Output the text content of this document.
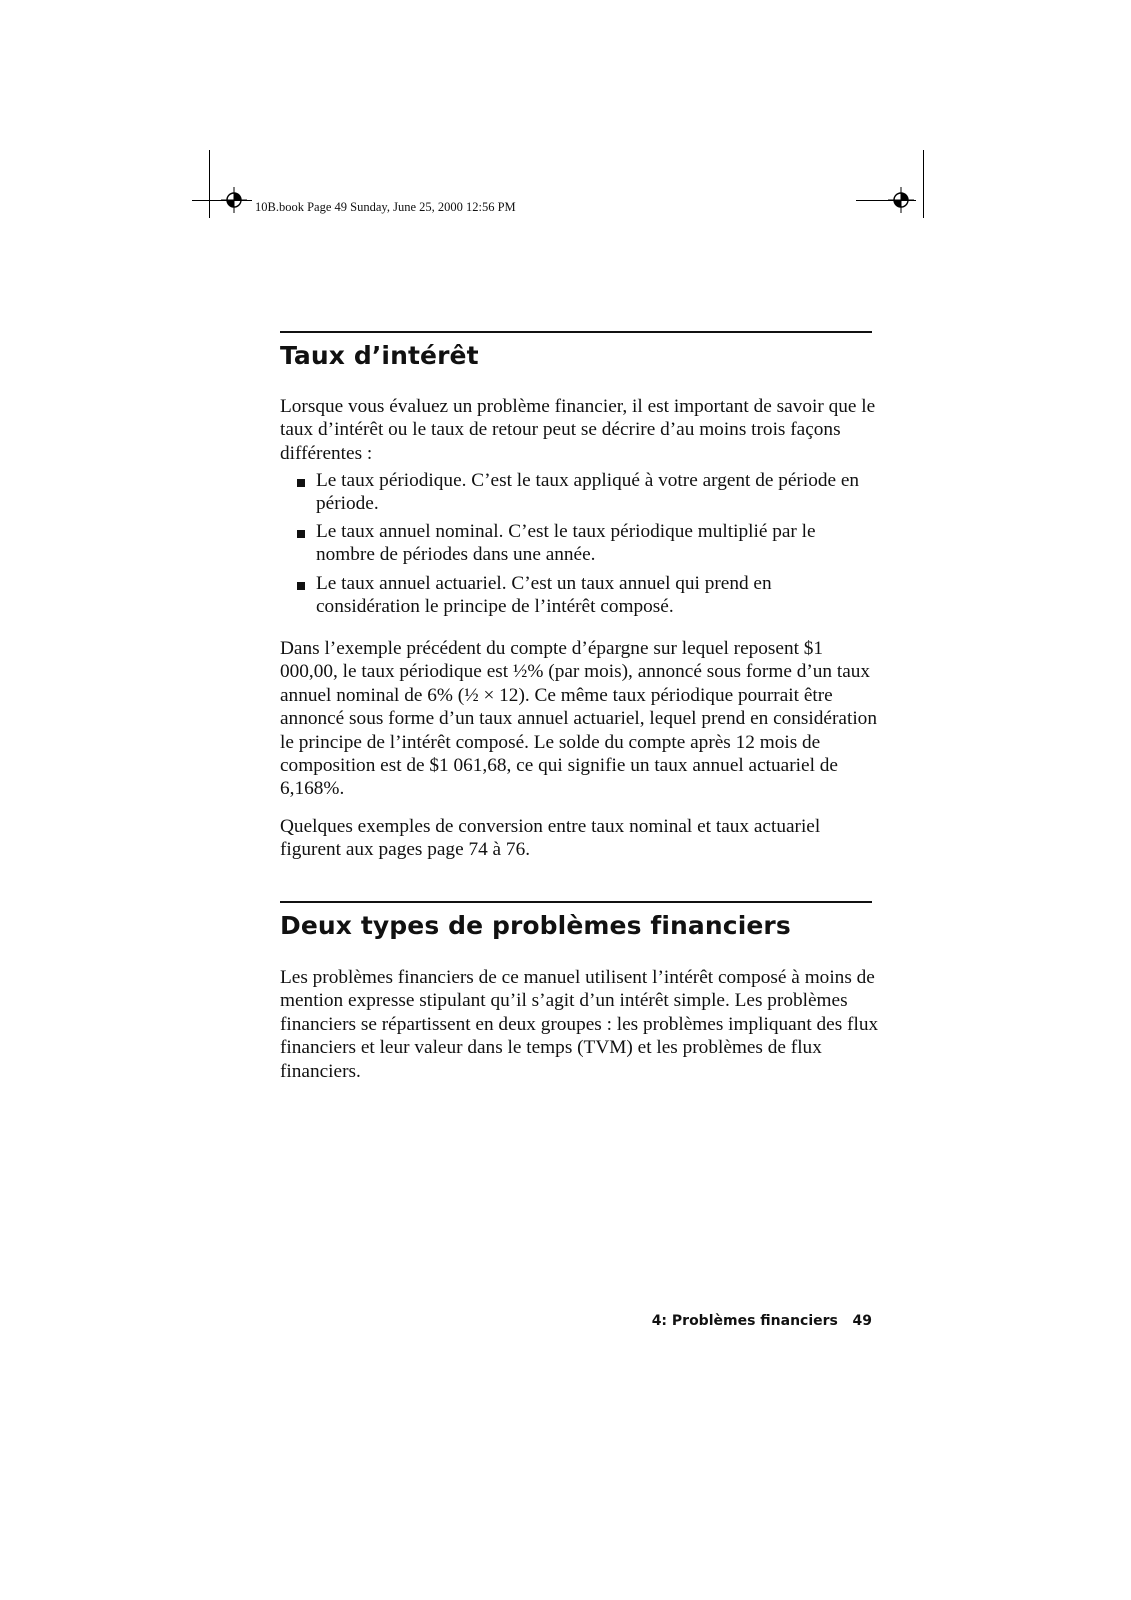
10B.book Page 49 Sunday, June 25, 2000 12:56 PM
Taux d’intérêt

Lorsque vous évaluez un problème financier, il est important de savoir que le taux d’intérêt ou le taux de retour peut se décrire d’au moins trois façons différentes :

Le taux périodique. C’est le taux appliqué à votre argent de période en période.

Le taux annuel nominal. C’est le taux périodique multiplié par le nombre de périodes dans une année.

Le taux annuel actuariel. C’est un taux annuel qui prend en considération le principe de l’intérêt composé.

Dans l’exemple précédent du compte d’épargne sur lequel reposent $1 000,00, le taux périodique est ½% (par mois), annoncé sous forme d’un taux annuel nominal de 6% (½ × 12). Ce même taux périodique pourrait être annoncé sous forme d’un taux annuel actuariel, lequel prend en considération le principe de l’intérêt composé. Le solde du compte après 12 mois de composition est de $1 061,68, ce qui signifie un taux annuel actuariel de 6,168%.

Quelques exemples de conversion entre taux nominal et taux actuariel figurent aux pages page 74 à 76.

Deux types de problèmes financiers

Les problèmes financiers de ce manuel utilisent l’intérêt composé à moins de mention expresse stipulant qu’il s’agit d’un intérêt simple. Les problèmes financiers se répartissent en deux groupes : les problèmes impliquant des flux financiers et leur valeur dans le temps (TVM) et les problèmes de flux financiers.

4: Problèmes financiers 49
